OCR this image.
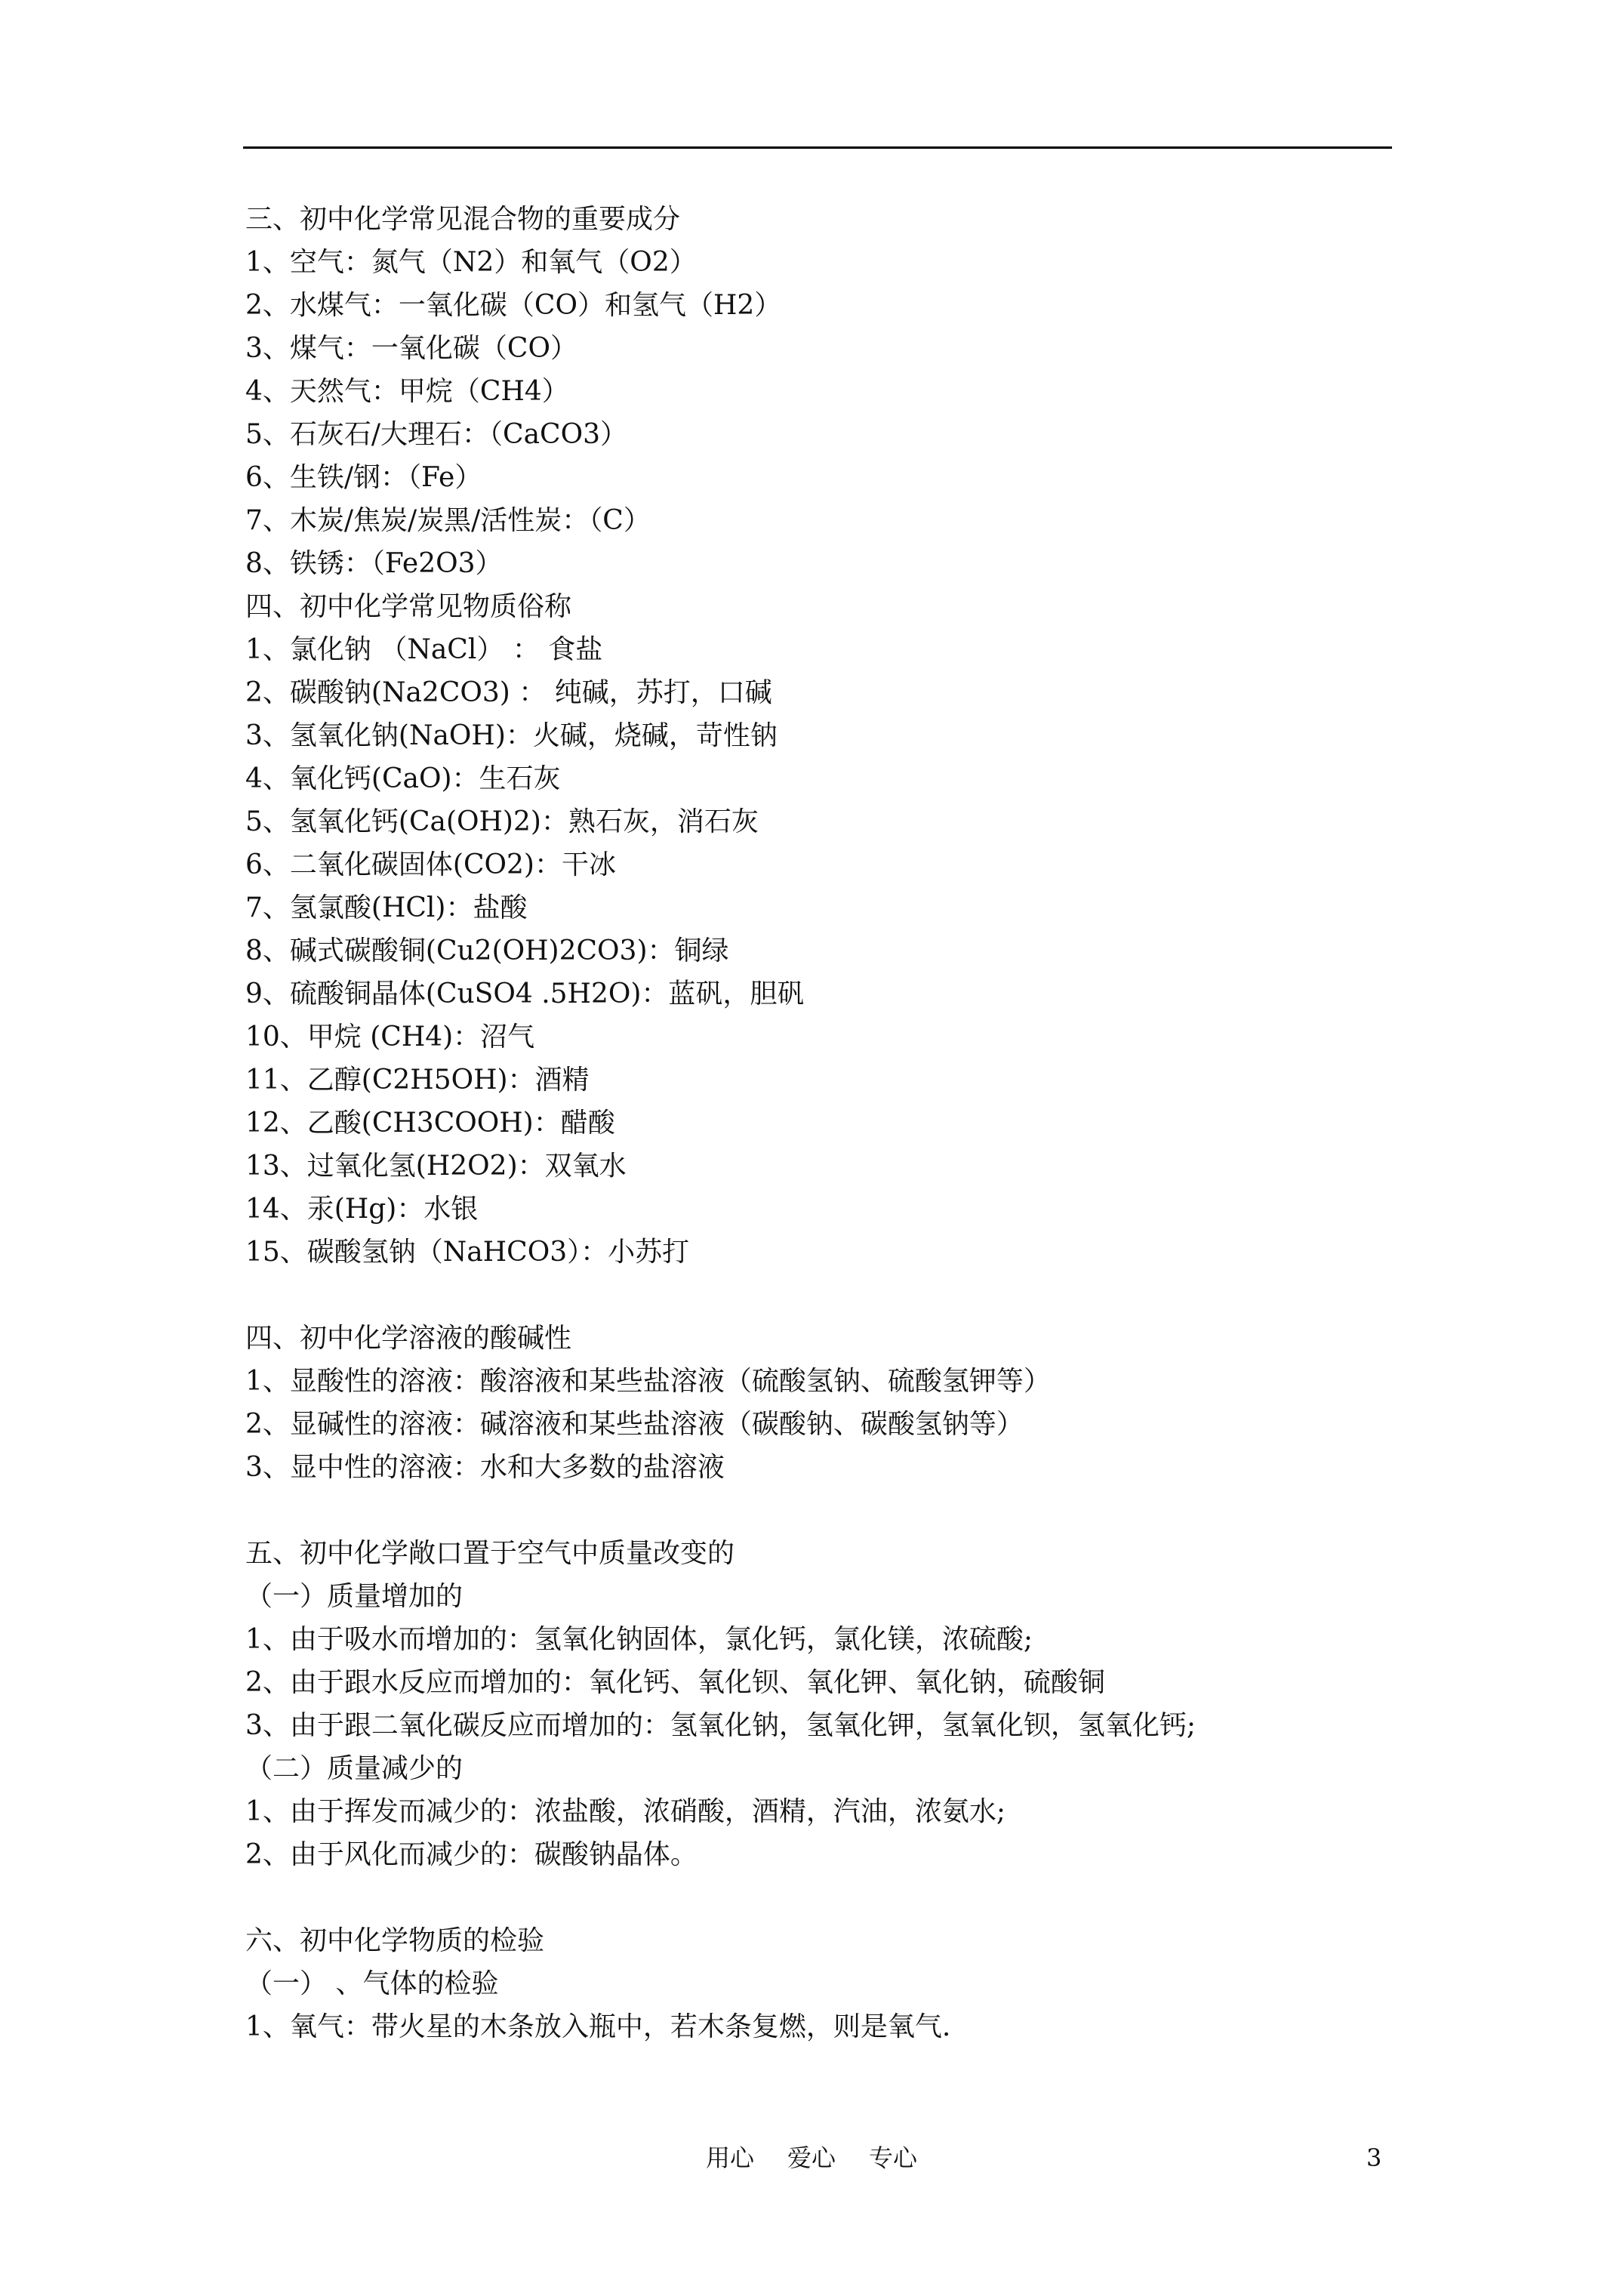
三、初中化学常见混合物的重要成分
1、空气：氮气（N2）和氧气（O2）
2、水煤气：一氧化碳（CO）和氢气（H2）
3、煤气：一氧化碳（CO）
4、天然气：甲烷（CH4）
5、石灰石/大理石：（CaCO3）
6、生铁/钢：（Fe）
7、木炭/焦炭/炭黑/活性炭：（C）
8、铁锈：（Fe2O3）
四、初中化学常见物质俗称
1、氯化钠 （NaCl） ： 食盐
2、碳酸钠(Na2CO3) ： 纯碱，苏打，口碱
3、氢氧化钠(NaOH)：火碱，烧碱，苛性钠
4、氧化钙(CaO)：生石灰
5、氢氧化钙(Ca(OH)2)：熟石灰，消石灰
6、二氧化碳固体(CO2)：干冰
7、氢氯酸(HCl)：盐酸
8、碱式碳酸铜(Cu2(OH)2CO3)：铜绿
9、硫酸铜晶体(CuSO4 .5H2O)：蓝矾，胆矾
10、甲烷 (CH4)：沼气
11、乙醇(C2H5OH)：酒精
12、乙酸(CH3COOH)：醋酸
13、过氧化氢(H2O2)：双氧水
14、汞(Hg)：水银
15、碳酸氢钠（NaHCO3）：小苏打
四、初中化学溶液的酸碱性
1、显酸性的溶液：酸溶液和某些盐溶液（硫酸氢钠、硫酸氢钾等）
2、显碱性的溶液：碱溶液和某些盐溶液（碳酸钠、碳酸氢钠等）
3、显中性的溶液：水和大多数的盐溶液
五、初中化学敞口置于空气中质量改变的
（一）质量增加的
1、由于吸水而增加的：氢氧化钠固体，氯化钙，氯化镁，浓硫酸;
2、由于跟水反应而增加的：氧化钙、氧化钡、氧化钾、氧化钠，硫酸铜
3、由于跟二氧化碳反应而增加的：氢氧化钠，氢氧化钾，氢氧化钡，氢氧化钙;
（二）质量减少的
1、由于挥发而减少的：浓盐酸，浓硝酸，酒精，汽油，浓氨水;
2、由于风化而减少的：碳酸钠晶体。
六、初中化学物质的检验
（一） 、气体的检验
1、氧气：带火星的木条放入瓶中，若木条复燃，则是氧气.
用心 爱心 专心	3
